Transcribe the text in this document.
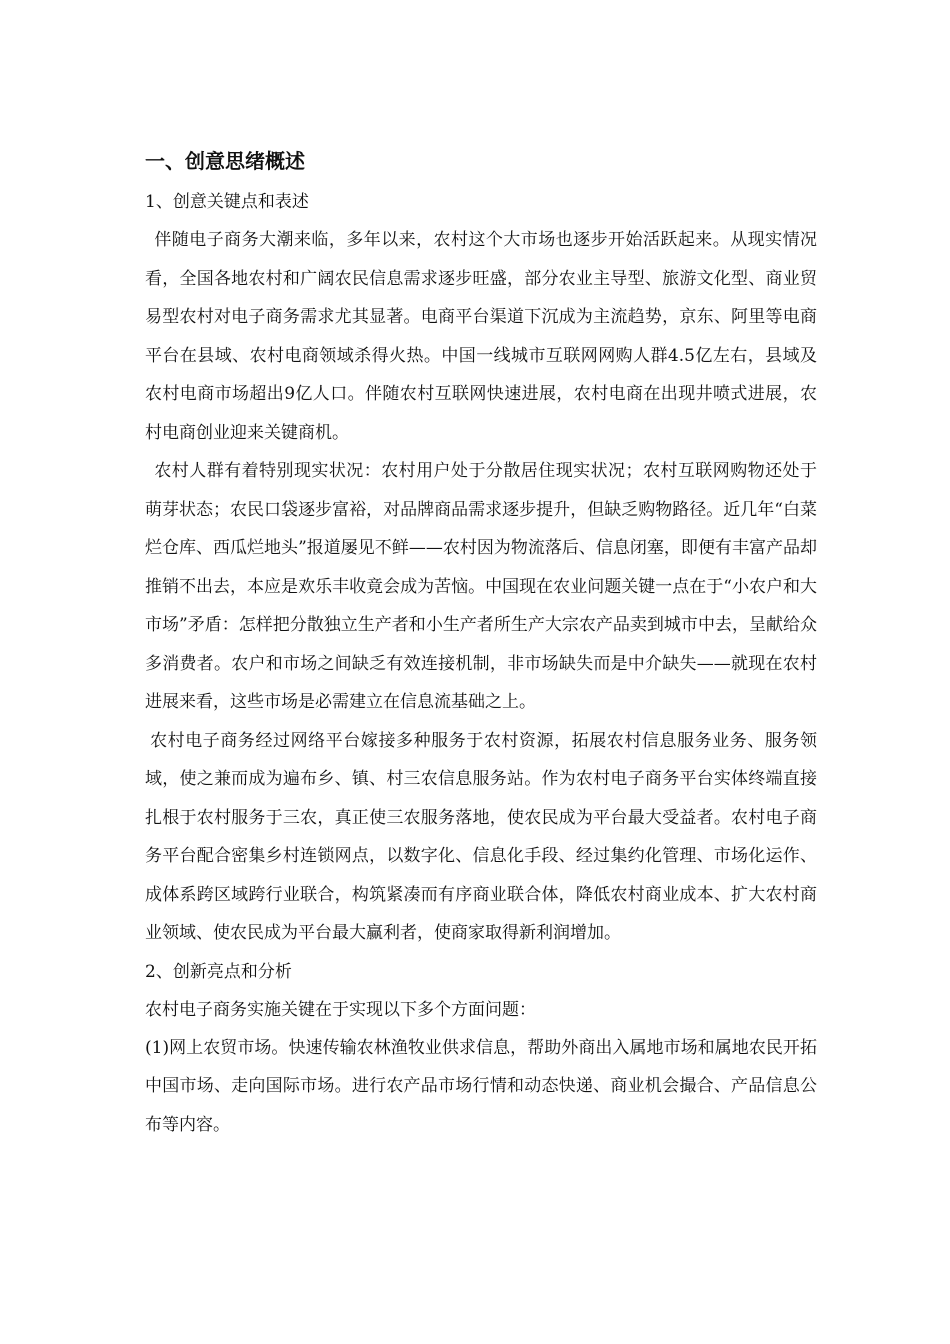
一、创意思绪概述

1、创意关键点和表述

伴随电子商务大潮来临，多年以来，农村这个大市场也逐步开始活跃起来。从现实情况看，全国各地农村和广阔农民信息需求逐步旺盛，部分农业主导型、旅游文化型、商业贸易型农村对电子商务需求尤其显著。电商平台渠道下沉成为主流趋势，京东、阿里等电商平台在县域、农村电商领域杀得火热。中国一线城市互联网网购人群4.5亿左右，县域及农村电商市场超出9亿人口。伴随农村互联网快速进展，农村电商在出现井喷式进展，农村电商创业迎来关键商机。

农村人群有着特别现实状况：农村用户处于分散居住现实状况；农村互联网购物还处于萌芽状态；农民口袋逐步富裕，对品牌商品需求逐步提升，但缺乏购物路径。近几年“白菜烂仓库、西瓜烂地头”报道屡见不鲜——农村因为物流落后、信息闭塞，即便有丰富产品却推销不出去，本应是欢乐丰收竟会成为苦恼。中国现在农业问题关键一点在于“小农户和大市场”矛盾：怎样把分散独立生产者和小生产者所生产大宗农产品卖到城市中去，呈献给众多消费者。农户和市场之间缺乏有效连接机制，非市场缺失而是中介缺失——就现在农村进展来看，这些市场是必需建立在信息流基础之上。

农村电子商务经过网络平台嫁接多种服务于农村资源，拓展农村信息服务业务、服务领域，使之兼而成为遍布乡、镇、村三农信息服务站。作为农村电子商务平台实体终端直接扎根于农村服务于三农，真正使三农服务落地，使农民成为平台最大受益者。农村电子商务平台配合密集乡村连锁网点，以数字化、信息化手段、经过集约化管理、市场化运作、成体系跨区域跨行业联合，构筑紧凑而有序商业联合体，降低农村商业成本、扩大农村商业领域、使农民成为平台最大赢利者，使商家取得新利润增加。

2、创新亮点和分析

农村电子商务实施关键在于实现以下多个方面问题：

(1)网上农贸市场。快速传输农林渔牧业供求信息，帮助外商出入属地市场和属地农民开拓中国市场、走向国际市场。进行农产品市场行情和动态快递、商业机会撮合、产品信息公布等内容。
